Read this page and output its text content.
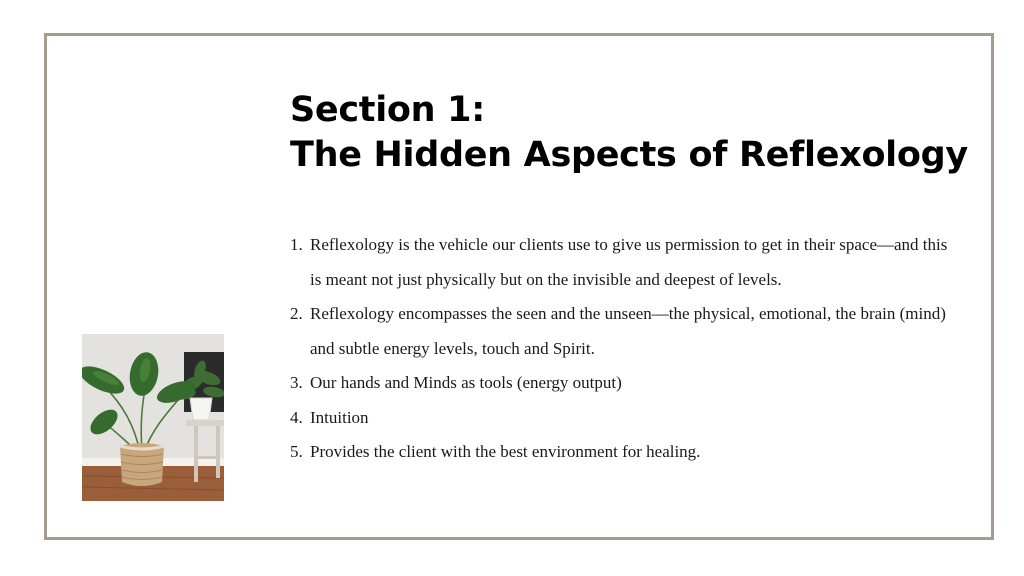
Section 1:
The Hidden Aspects of Reflexology
1. Reflexology is the vehicle our clients use to give us permission to get in their space—and this is meant not just physically but on the invisible and deepest of levels.
2. Reflexology encompasses the seen and the unseen—the physical, emotional, the brain (mind) and subtle energy levels, touch and Spirit.
3. Our hands and Minds as tools (energy output)
4. Intuition
5. Provides the client with the best environment for healing.
